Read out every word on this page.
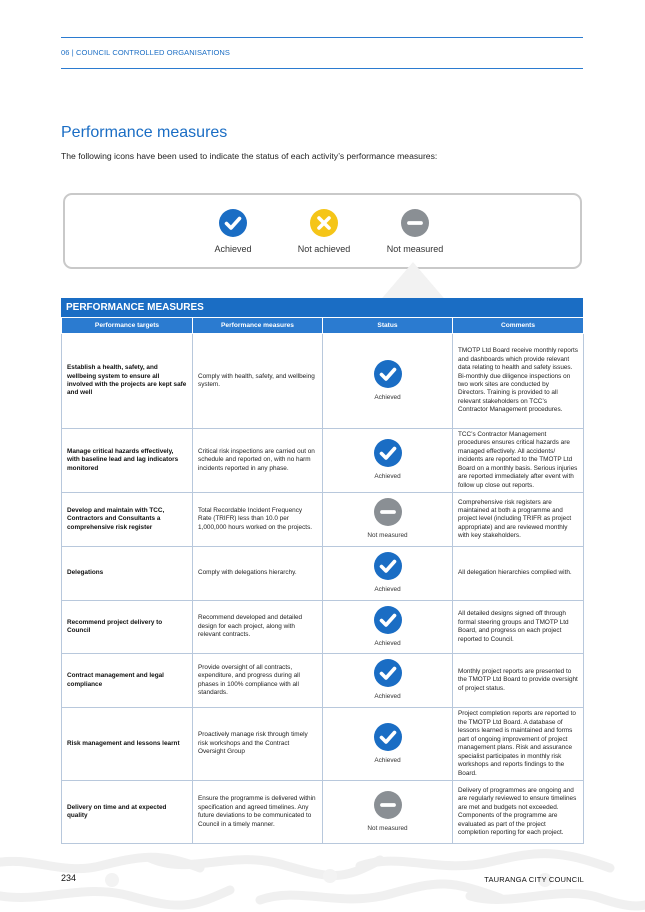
06 | COUNCIL CONTROLLED ORGANISATIONS
Performance measures

The following icons have been used to indicate the status of each activity’s performance measures:

Achieved	Not achieved	Not measured
PERFORMANCE MEASURES
Performance targets	Performance measures	Status	Comments
Establish a health, safety, and wellbeing system to ensure all involved with the projects are kept safe and well	Comply with health, safety, and wellbeing system.	Achieved	TMOTP Ltd Board receive monthly reports and dashboards which provide relevant data relating to health and safety issues. Bi-monthly due diligence inspections on two work sites are conducted by Directors. Training is provided to all relevant stakeholders on TCC’s Contractor Management procedures.
Manage critical hazards effectively, with baseline lead and lag indicators monitored	Critical risk inspections are carried out on schedule and reported on, with no harm incidents reported in any phase.	Achieved	TCC’s Contractor Management procedures ensures critical hazards are managed effectively. All accidents/ incidents are reported to the TMOTP Ltd Board on a monthly basis. Serious injuries are reported immediately after event with follow up close out reports.
Develop and maintain with TCC, Contractors and Consultants a comprehensive risk register	Total Recordable Incident Frequency Rate (TRIFR) less than 10.0 per 1,000,000 hours worked on the projects.	Not measured	Comprehensive risk registers are maintained at both a programme and project level (including TRIFR as project appropriate) and are reviewed monthly with key stakeholders.
Delegations	Comply with delegations hierarchy.	Achieved	All delegation hierarchies complied with.
Recommend project delivery to Council	Recommend developed and detailed design for each project, along with relevant contracts.	Achieved	All detailed designs signed off through formal steering groups and TMOTP Ltd Board, and progress on each project reported to Council.
Contract management and legal compliance	Provide oversight of all contracts, expenditure, and progress during all phases in 100% compliance with all standards.	Achieved	Monthly project reports are presented to the TMOTP Ltd Board to provide oversight of project status.
Risk management and lessons learnt	Proactively manage risk through timely risk workshops and the Contract Oversight Group	Achieved	Project completion reports are reported to the TMOTP Ltd Board. A database of lessons learned is maintained and forms part of ongoing improvement of project management plans. Risk and assurance specialist participates in monthly risk workshops and reports findings to the Board.
Delivery on time and at expected quality	Ensure the programme is delivered within specification and agreed timelines. Any future deviations to be communicated to Council in a timely manner.	Not measured	Delivery of programmes are ongoing and are regularly reviewed to ensure timelines are met and budgets not exceeded. Components of the programme are evaluated as part of the project completion reporting for each project.
234	TAURANGA CITY COUNCIL
